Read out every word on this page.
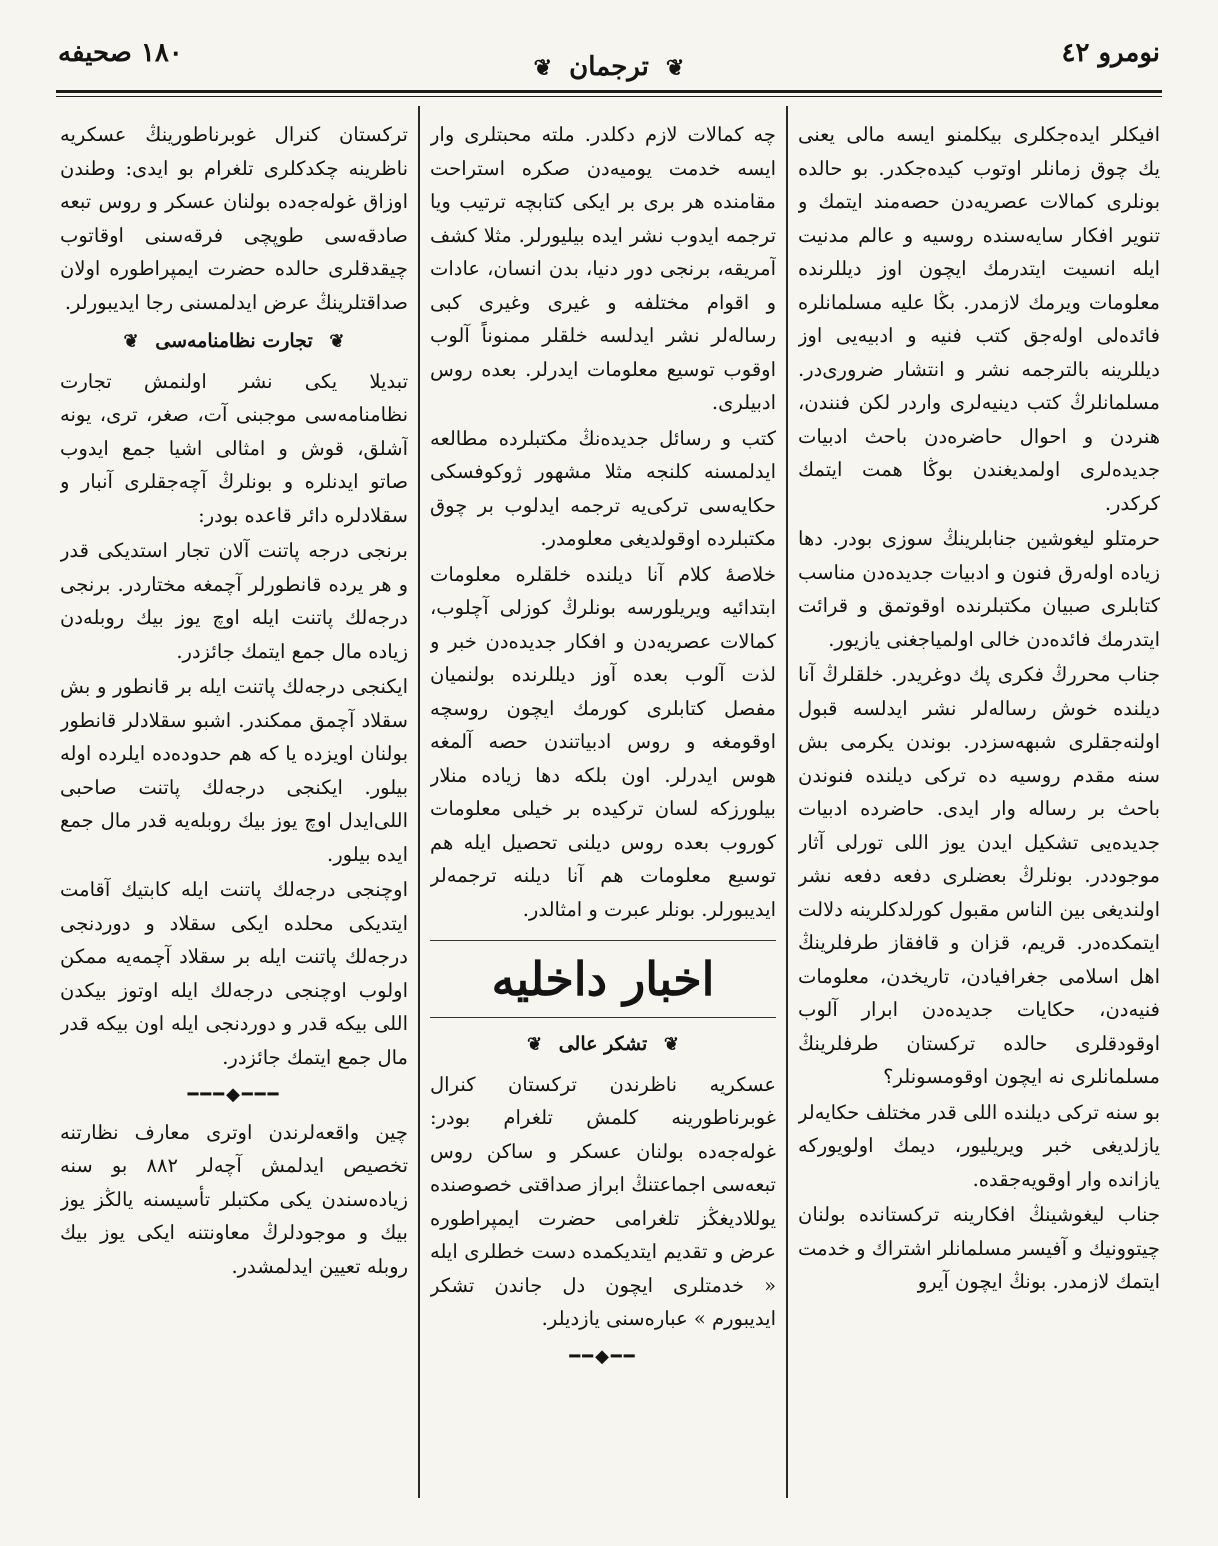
١٨٠ صحيفه	❦ ترجمان ❦	نومرو ٤٢

افيكلر ايده‌جكلرى بيكلمنو ايسه مالى يعنى يك چوق زمانلر اوتوب كيده‌جكدر. بو حالده بونلرى كمالات عصريه‌دن حصه‌مند ايتمك و تنوير افكار سايه‌سنده روسيه و عالم مدنيت ايله انسيت ايتدرمك ايچون اوز ديللرنده معلومات ويرمك لازمدر. بڭا عليه مسلمانلره فائده‌لى اوله‌جق كتب فنيه و ادبيه‌يى اوز ديللرينه بالترجمه نشر و انتشار ضرورى‌در. مسلمانلرڭ كتب دينيه‌لرى واردر لكن فنندن، هنردن و احوال حاضره‌دن باحث ادبيات جديده‌لرى اولمديغندن بوڭا همت ايتمك كركدر.

حرمتلو ليغوشين جنابلرينڭ سوزى بودر. دها زياده اولەرق فنون و ادبيات جديده‌دن مناسب كتابلرى صبيان مكتبلرنده او‌قوتمق و قرائت ايتدرمك فائده‌دن خالى اولمياجغنى يازيور.

جناب محررڭ فكرى پك دوغريدر. خلقلرڭ آنا ديلنده خوش رساله‌لر نشر ايدلسه قبول اولنه‌جقلرى شبهه‌سزدر. بوندن يكرمى بش سنه مقدم روسيه ده تركى ديلنده فنوندن باحث بر رساله وار ايدى. حاضرده ادبيات جديده‌يى تشكيل ايدن يوز اللى تورلى آثار موجوددر. بونلرڭ بعضلرى دفعه دفعه نشر اولنديغى بين الناس مقبول كورلدكلرينه دلالت ايتمكده‌در. قريم، قزان و قافقاز طرفلرينڭ اهل اسلامى جغرافيادن، تاريخدن، معلومات فنيه‌دن، حكايات جديده‌دن ابرار آلوب اوقودقلرى حالده تركستان طرفلرينڭ مسلمانلرى نه ايچون اوقومسونلر؟

بو سنه تركى ديلنده اللى قدر مختلف حكايه‌لر يازلديغى خبر ويريليور، ديمك اولويوركه يازانده وار اوقويه‌جقده.

جناب ليغوشينڭ افكارينه تركستانده بولنان چيتوونيك و آفيسر مسلمانلر اشتراك و خدمت ايتمك لازمدر. بونڭ ايچون آيرو

چه كمالات لازم دكلدر. ملته محبتلرى وار ايسه خدمت يوميه‌دن صكره استراحت مقامنده هر برى بر ايكى كتابچه ترتيب ويا ترجمه ايدوب نشر ايده بيليورلر. مثلا كشف آمريقه، برنجى دور دنيا، بدن انسان، عادات و اقوام مختلفه و غيرى وغيرى كبى رساله‌لر نشر ايدلسه خلقلر ممنوناً آلوب اوقوب توسيع معلومات ايدرلر. بعده روس ادبيلرى.

كتب و رسائل جديده‌نڭ مكتبلرده مطالعه ايدلمسنه كلنجه مثلا مشهور ژوكوفسكى حكايه‌سى تركى‌يه ترجمه ايدلوب بر چوق مكتبلرده اوقولديغى معلومدر.

خلاصهٔ كلام آنا ديلنده خلقلره معلومات ابتدائيه ويريلورسه بونلرڭ كوزلى آچلوب، كمالات عصريه‌دن و افكار جديده‌دن خبر و لذت آلوب بعده آوز ديللرنده بولنميان مفصل كتابلرى كورمك ايچون روسچه اوقومغه و روس ادبياتندن حصه آلمغه هوس ايدرلر. اون بلكه دها زياده منلار بيلورزكه لسان تركيده بر خيلى معلومات كوروب بعده روس ديلنى تحصيل ايله هم توسيع معلومات هم آنا ديلنه ترجمه‌لر ايديبورلر. بونلر عبرت و امثالدر.

اخبار داخليه
❦ تشكر عالى ❦

عسكريه ناظرندن تركستان كنرال غوبرناطورينه كلمش تلغرام بودر: غوله‌جه‌ده بولنان عسكر و ساكن روس تبعه‌سى اجماعتنڭ ابراز صداقتى خصوصنده يوللاديغڭز تلغرامى حضرت ايمپراطوره عرض و تقديم ايتديكمده دست خطلرى ايله « خدمتلرى ايچون دل جاندن تشكر ايديبورم » عبارەسنى يازديلر.

━━◆━━

تركستان كنرال غوبرناطورينڭ عسكريه ناظرينه چكدكلرى تلغرام بو ايدى: وطندن اوزاق غوله‌جه‌ده بولنان عسكر و روس تبعه صادقه‌سى طوپچى فرقه‌سنى اوقاتوب چيقدقلرى حالده حضرت ايمپراطوره اولان صداقتلرينڭ عرض ايدلمسنى رجا ايديبورلر.

❦ تجارت نظامنامه‌سى ❦

تبديلا يكى نشر اولنمش تجارت نظامنامه‌سى موجبنى آت، صغر، ترى، يونه آشلق، قوش و امثالى اشيا جمع ايدوب صاتو ايدنلره و بونلرڭ آچه‌جقلرى آنبار و سقلادلره دائر قاعده بودر:

برنجى درجه پاتنت آلان تجار استديكى قدر و هر يرده قانطورلر آچمغه مختاردر. برنجى درجه‌لك پاتنت ايله اوچ يوز بيك روبله‌دن زياده مال جمع ايتمك جائزدر.

ايكنجى درجه‌لك پاتنت ايله بر قانطور و بش سقلاد آچمق ممكندر. اشبو سقلادلر قانطور بولنان اويزده يا كه هم حدوده‌ده ايلرده اوله بيلور. ايكنجى درجه‌لك پاتنت صاحبى اللى‌ايدل اوچ يوز بيك روبله‌يه قدر مال جمع ايده بيلور.

اوچنجى درجه‌لك پاتنت ايله كابتيك آقا‌مت ايتديكى محلده ايكى سقلاد و دوردنجى درجه‌لك پاتنت ايله بر سقلاد آچمه‌يه ممكن اولوب اوچنجى درجه‌لك ايله اوتوز بيكدن اللى بيكه قدر و دوردنجى ايله اون بيكه قدر مال جمع ايتمك جائزدر.

━━━◆━━━

چين واقعه‌لرندن اوترى معارف نظارتنه تخصيص ايدلمش آچه‌لر ٨٨٢ بو سنه زياده‌سندن يكى مكتبلر تأسيسنه يالڭز يوز بيك و موجودلرڭ معاونتنه ايكى يوز بيك روبله تعيين ايدلمشدر.
